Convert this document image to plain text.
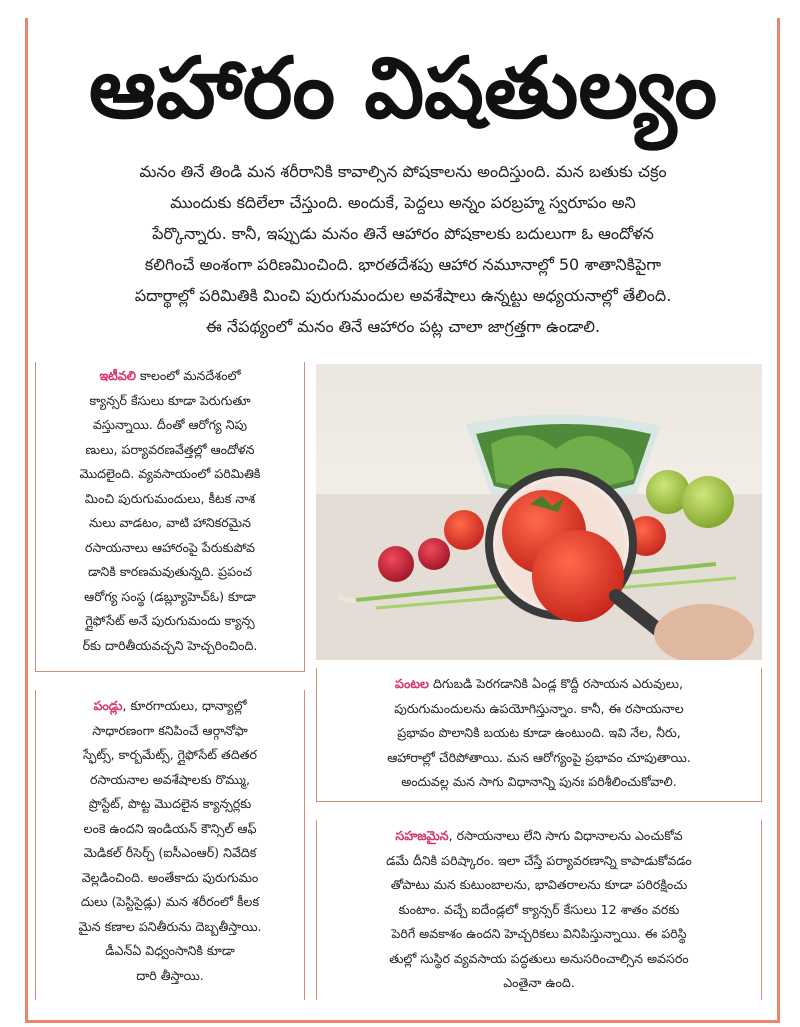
ఆహారం విషతుల్యం
మనం తినే తిండి మన శరీరానికి కావాల్సిన పోషకాలను అందిస్తుంది. మన బతుకు చక్రం
ముందుకు కదిలేలా చేస్తుంది. అందుకే, పెద్దలు అన్నం పరబ్రహ్మ స్వరూపం అని
పేర్కొన్నారు. కానీ, ఇప్పుడు మనం తినే ఆహారం పోషకాలకు బదులుగా ఓ ఆందోళన
కలిగించే అంశంగా పరిణమించింది. భారతదేశపు ఆహార నమూనాల్లో 50 శాతానికిపైగా
పదార్థాల్లో పరిమితికి మించి పురుగుమందుల అవశేషాలు ఉన్నట్టు అధ్యయనాల్లో తేలింది.
ఈ నేపథ్యంలో మనం తినే ఆహారం పట్ల చాలా జాగ్రత్తగా ఉండాలి.
ఇటీవలి కాలంలో మనదేశంలో
క్యాన్సర్ కేసులు కూడా పెరుగుతూ
వస్తున్నాయి. దీంతో ఆరోగ్య నిపు
ణులు, పర్యావరణవేత్తల్లో ఆందోళన
మొదలైంది. వ్యవసాయంలో పరిమితికి
మించి పురుగుమందులు, కీటక నాశ
నులు వాడటం, వాటి హానికరమైన
రసాయనాలు ఆహారంపై పేరుకుపోవ
డానికి కారణమవుతున్నది. ప్రపంచ
ఆరోగ్య సంస్థ (డబ్ల్యూహెచ్ఓ) కూడా
గ్లైఫోసేట్ అనే పురుగుమందు క్యాన్స
ర్‌కు దారితీయవచ్చని హెచ్చరించింది.
పండ్లు, కూరగాయలు, ధాన్యాల్లో
సాధారణంగా కనిపించే ఆర్గానోఫా
స్ఫేట్స్, కార్బమేట్స్, గ్లైఫోసేట్ తదితర
రసాయనాల అవశేషాలకు రొమ్ము,
ప్రొస్టేట్, పొట్ట మొదలైన క్యాన్సర్లకు
లంకె ఉందని ఇండియన్ కౌన్సిల్ ఆఫ్
మెడికల్ రీసెర్చ్ (ఐసీఎంఆర్) నివేదిక
వెల్లడించింది. అంతేకాదు పురుగుమం
దులు (పెస్టిసైడ్లు) మన శరీరంలో కీలక
మైన కణాల పనితీరును దెబ్బతీస్తాయి.
డీఎన్ఏ విధ్వంసానికి కూడా
దారి తీస్తాయి.
పంటల దిగుబడి పెరగడానికి ఏండ్ల కొద్దీ రసాయన ఎరువులు,
పురుగుమందులను ఉపయోగిస్తున్నాం. కానీ, ఈ రసాయనాల
ప్రభావం పొలానికి బయట కూడా ఉంటుంది. ఇవి నేల, నీరు,
ఆహారాల్లో చేరిపోతాయి. మన ఆరోగ్యంపై ప్రభావం చూపుతాయి.
అందువల్ల మన సాగు విధానాన్ని పునః పరిశీలించుకోవాలి.
సహజమైన, రసాయనాలు లేని సాగు విధానాలను ఎంచుకోవ
డమే దీనికి పరిష్కారం. ఇలా చేస్తే పర్యావరణాన్ని కాపాడుకోవడం
తోపాటు మన కుటుంబాలను, భావితరాలను కూడా పరిరక్షించు
కుంటాం. వచ్చే ఐదేండ్లలో క్యాన్సర్ కేసులు 12 శాతం వరకు
పెరిగే అవకాశం ఉందని హెచ్చరికలు వినిపిస్తున్నాయి. ఈ పరిస్థి
తుల్లో సుస్థిర వ్యవసాయ పద్ధతులు అనుసరించాల్సిన అవసరం
ఎంతైనా ఉంది.
